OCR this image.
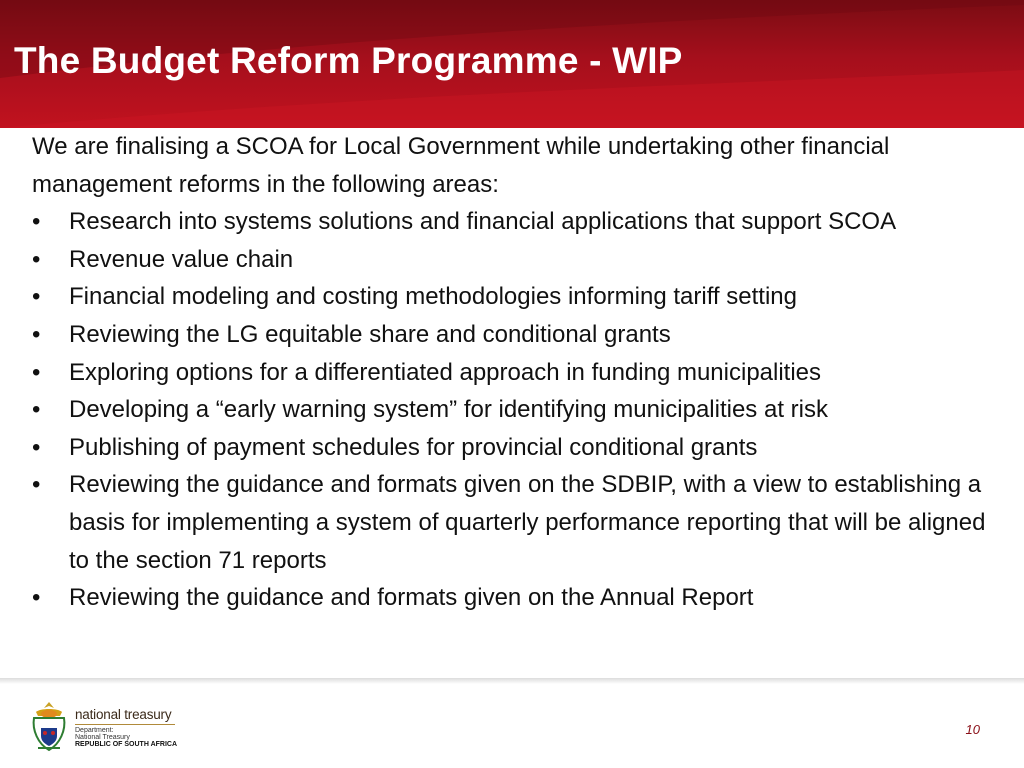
The Budget Reform Programme - WIP

We are finalising a SCOA for Local Government while undertaking other financial management reforms in the following areas:

• Research into systems solutions and financial applications that support SCOA
• Revenue value chain
• Financial modeling and costing methodologies informing tariff setting
• Reviewing the LG equitable share and conditional grants
• Exploring options for a differentiated approach in funding municipalities
• Developing a “early warning system” for identifying municipalities at risk
• Publishing of payment schedules for provincial conditional grants
• Reviewing the guidance and formats given on the SDBIP, with a view to establishing a basis for implementing a system of quarterly performance reporting that will be aligned to the section 71 reports
• Reviewing the guidance and formats given on the Annual Report
national treasury
Department:
National Treasury
REPUBLIC OF SOUTH AFRICA
10
